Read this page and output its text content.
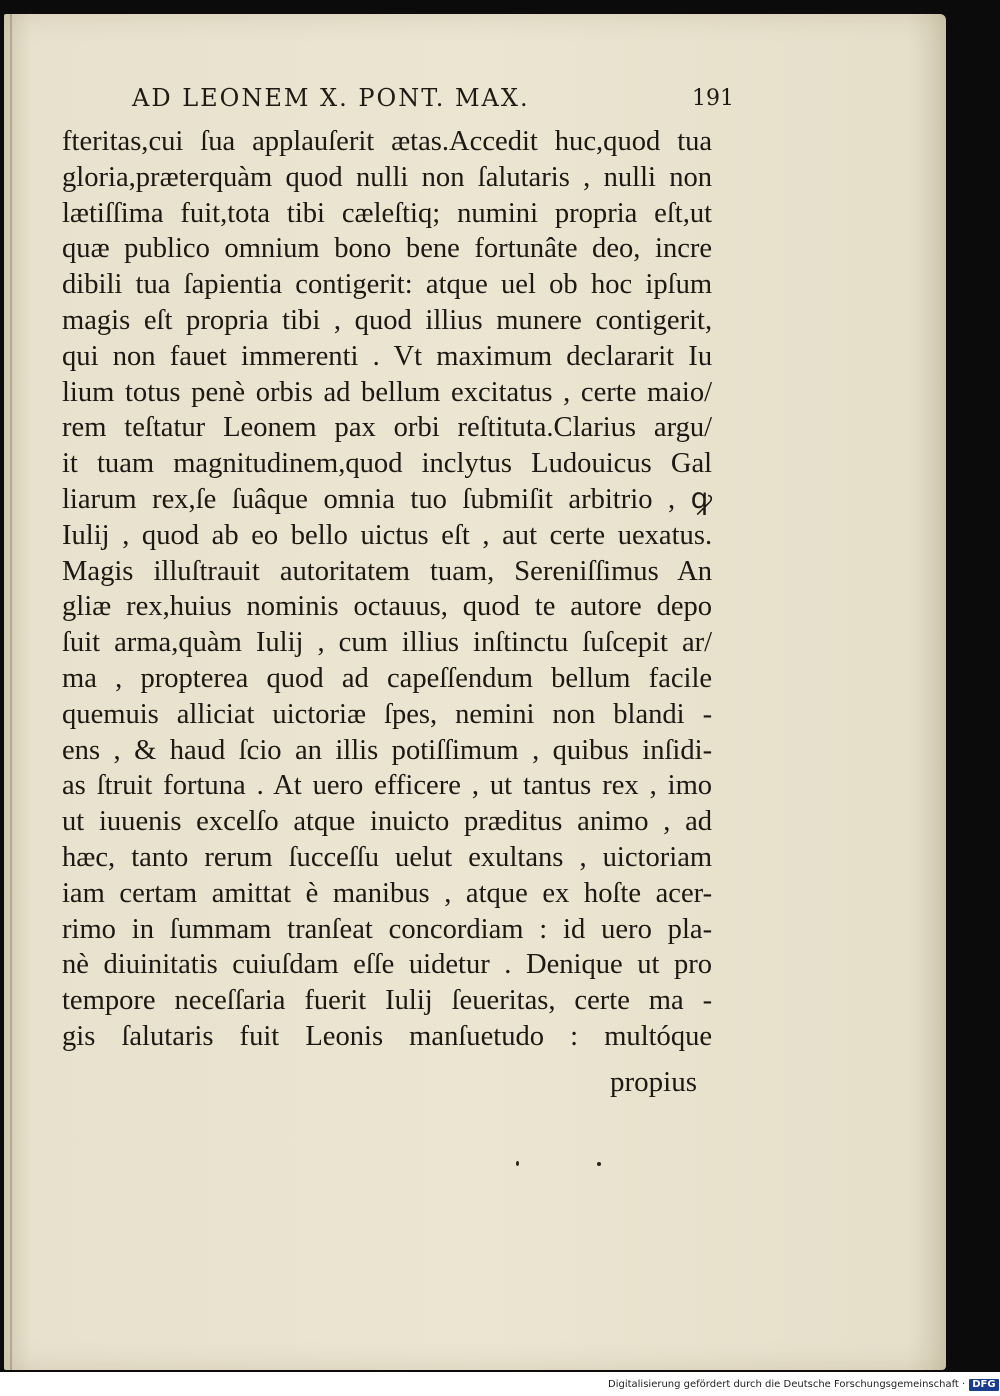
AD LEONEM X. PONT. MAX.	191
fteritas,cui ſua applauſerit ætas.Accedit huc,quod tua
gloria,præterquàm quod nulli non ſalutaris , nulli non
lætiſſima fuit,tota tibi cæleſtiq; numini propria eſt,ut
quæ publico omnium bono bene fortunâte deo, incre
dibili tua ſapientia contigerit: atque uel ob hoc ipſum
magis eſt propria tibi , quod illius munere contigerit,
qui non fauet immerenti . Vt maximum declararit Iu
lium totus penè orbis ad bellum excitatus , certe maio/
rem teſtatur Leonem pax orbi reſtituta.Clarius argu/
it tuam magnitudinem,quod inclytus Ludouicus Gal
liarum rex,ſe ſuâque omnia tuo ſubmiſit arbitrio , ꝙ
Iulij , quod ab eo bello uictus eſt , aut certe uexatus.
Magis illuſtrauit autoritatem tuam, Sereniſſimus An
gliæ rex,huius nominis octauus, quod te autore depo
ſuit arma,quàm Iulij , cum illius inſtinctu ſuſcepit ar/
ma , propterea quod ad capeſſendum bellum facile
quemuis alliciat uictoriæ ſpes, nemini non blandi -
ens , & haud ſcio an illis potiſſimum , quibus inſidi-
as ſtruit fortuna . At uero efficere , ut tantus rex , imo
ut iuuenis excelſo atque inuicto præditus animo , ad
hæc, tanto rerum ſucceſſu uelut exultans , uictoriam
iam certam amittat è manibus , atque ex hoſte acer-
rimo in ſummam tranſeat concordiam : id uero pla-
nè diuinitatis cuiuſdam eſſe uidetur . Denique ut pro
tempore neceſſaria fuerit Iulij ſeueritas, certe ma -
gis ſalutaris fuit Leonis manſuetudo : multóque
propius
Digitalisierung gefördert durch die Deutsche Forschungsgemeinschaft · DFG
